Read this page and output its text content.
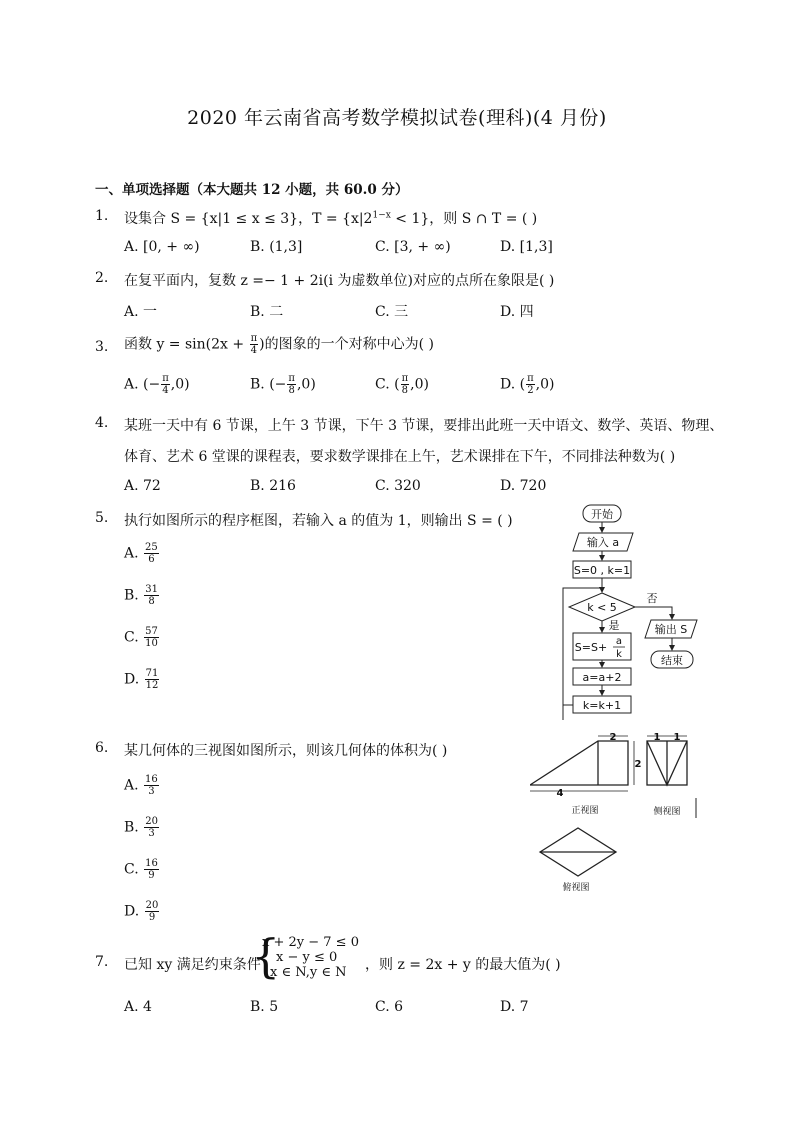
2020 年云南省高考数学模拟试卷(理科)(4 月份)
一、单项选择题（本大题共 12 小题，共 60.0 分）
1. 设集合 S = {x|1 ≤ x ≤ 3}，$T = \{x|2^{1-x} < 1\}$，则 S ∩ T = ( )
A. [0, + ∞)	B. (1,3]	C. [3, + ∞)	D. [1,3]
2. 在复平面内，复数 z =− 1 + 2i(i 为虚数单位)对应的点所在象限是( )
A. 一	B. 二	C. 三	D. 四
3. 函数 $y = \sin(2x + \frac{\pi}{4}$ )的图象的一个对称中心为( )
A. (− $\frac{\pi}{4} ,0$)	B. (− $\frac{\pi}{8} ,0$)	C. ( $\frac{\pi}{8} ,0$)	D. ( $\frac{\pi}{2} ,0$)
4. 某班一天中有 6 节课，上午 3 节课，下午 3 节课，要排出此班一天中语文、数学、英语、物理、
体育、艺术 6 堂课的课程表，要求数学课排在上午，艺术课排在下午，不同排法种数为( )
A. 72	B. 216	C. 320	D. 720
5. 执行如图所示的程序框图，若输入 a 的值为 1，则输出 S = ( )
A. $\frac{25}{6}$
B. $\frac{31}{8}$
C. $\frac{57}{10}$
D. $\frac{71}{12}$
开始
输入 a
S=0 , k=1
k < 5
否
是
S=S+ a
k
a=a+2
k=k+1
输出 S
结束
6. 某几何体的三视图如图所示，则该几何体的体积为( )
A. $\frac{16}{3}$
B. $\frac{20}{3}$
C. $\frac{16}{9}$
D. $\frac{20}{9}$
2
2
4
1 1
正视图	侧视图
俯视图
7. 已知 xy 满足约束条件
{
x + 2y − 7 ≤ 0
x − y ≤ 0
x ∈ N,y ∈ N	，则 z = 2x + y 的最大值为( )
A. 4	B. 5	C. 6	D. 7
